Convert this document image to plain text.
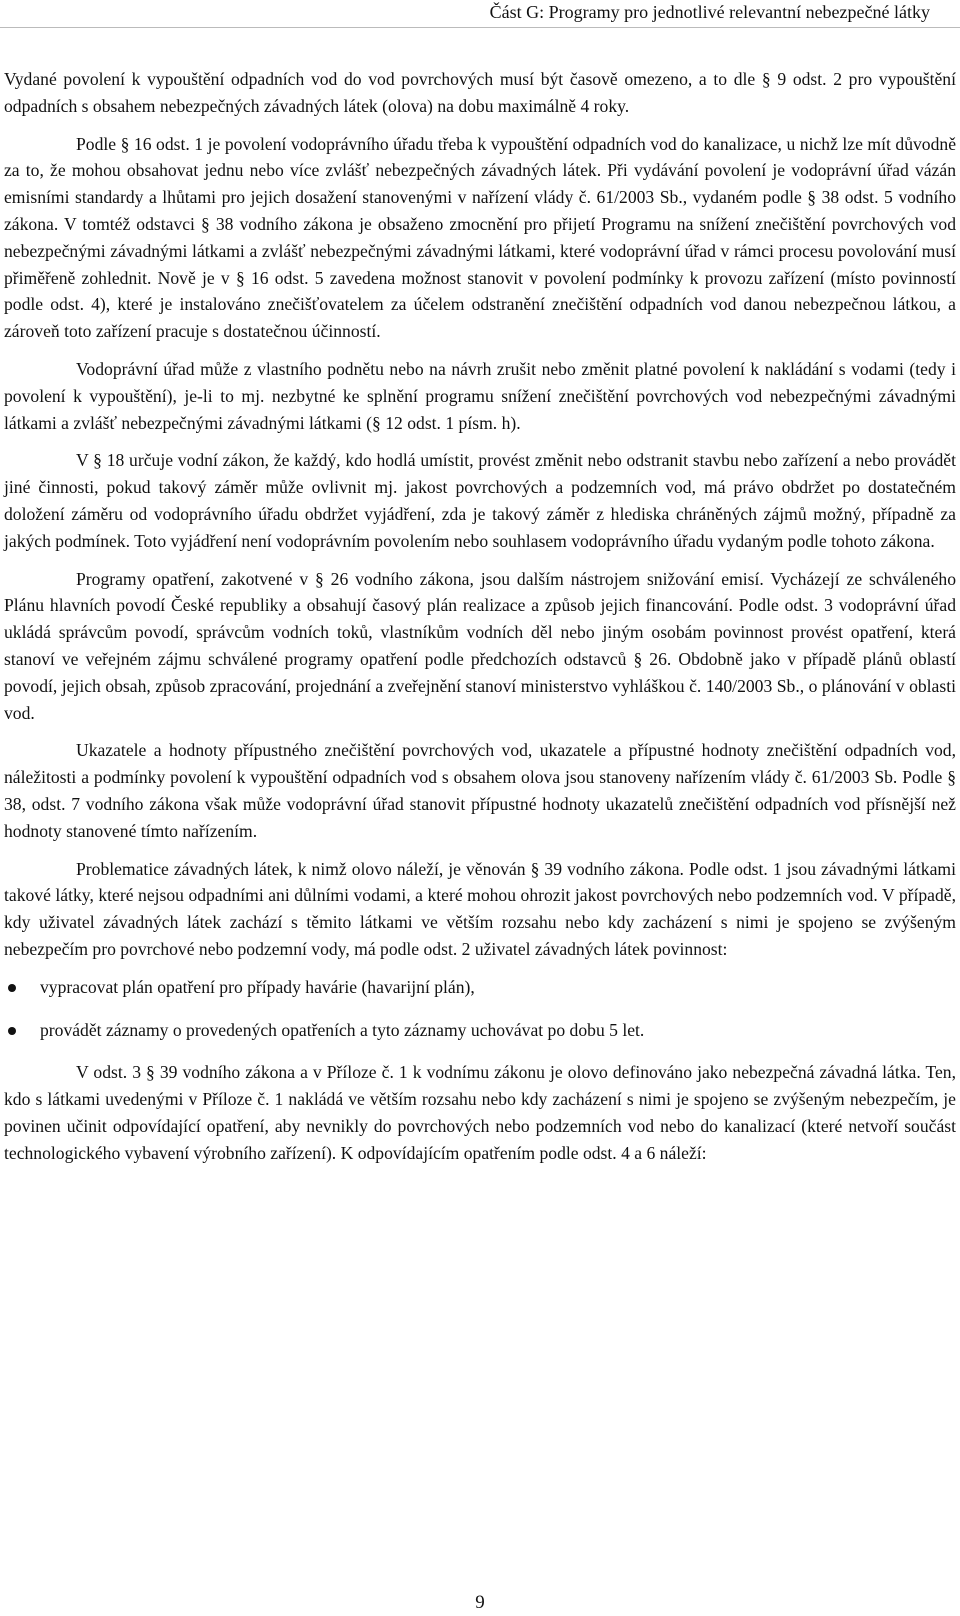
Část G: Programy pro jednotlivé relevantní nebezpečné látky

Vydané povolení k vypouštění odpadních vod do vod povrchových musí být časově omezeno, a to dle § 9 odst. 2 pro vypouštění odpadních s obsahem nebezpečných závadných látek (olova) na dobu maximálně 4 roky.

Podle § 16 odst. 1 je povolení vodoprávního úřadu třeba k vypouštění odpadních vod do kanalizace, u nichž lze mít důvodně za to, že mohou obsahovat jednu nebo více zvlášť nebezpečných závadných látek. Při vydávání povolení je vodoprávní úřad vázán emisními standardy a lhůtami pro jejich dosažení stanovenými v nařízení vlády č. 61/2003 Sb., vydaném podle § 38 odst. 5 vodního zákona. V tomtéž odstavci § 38 vodního zákona je obsaženo zmocnění pro přijetí Programu na snížení znečištění povrchových vod nebezpečnými závadnými látkami a zvlášť nebezpečnými závadnými látkami, které vodoprávní úřad v rámci procesu povolování musí přiměřeně zohlednit. Nově je v § 16 odst. 5 zavedena možnost stanovit v povolení podmínky k provozu zařízení (místo povinností podle odst. 4), které je instalováno znečišťovatelem za účelem odstranění znečištění odpadních vod danou nebezpečnou látkou, a zároveň toto zařízení pracuje s dostatečnou účinností.

Vodoprávní úřad může z vlastního podnětu nebo na návrh zrušit nebo změnit platné povolení k nakládání s vodami (tedy i povolení k vypouštění), je-li to mj. nezbytné ke splnění programu snížení znečištění povrchových vod nebezpečnými závadnými látkami a zvlášť nebezpečnými závadnými látkami (§ 12 odst. 1 písm. h).

V § 18 určuje vodní zákon, že každý, kdo hodlá umístit, provést změnit nebo odstranit stavbu nebo zařízení a nebo provádět jiné činnosti, pokud takový záměr může ovlivnit mj. jakost povrchových a podzemních vod, má právo obdržet po dostatečném doložení záměru od vodoprávního úřadu obdržet vyjádření, zda je takový záměr z hlediska chráněných zájmů možný, případně za jakých podmínek. Toto vyjádření není vodoprávním povolením nebo souhlasem vodoprávního úřadu vydaným podle tohoto zákona.

Programy opatření, zakotvené v § 26 vodního zákona, jsou dalším nástrojem snižování emisí. Vycházejí ze schváleného Plánu hlavních povodí České republiky a obsahují časový plán realizace a způsob jejich financování. Podle odst. 3 vodoprávní úřad ukládá správcům povodí, správcům vodních toků, vlastníkům vodních děl nebo jiným osobám povinnost provést opatření, která stanoví ve veřejném zájmu schválené programy opatření podle předchozích odstavců § 26. Obdobně jako v případě plánů oblastí povodí, jejich obsah, způsob zpracování, projednání a zveřejnění stanoví ministerstvo vyhláškou č. 140/2003 Sb., o plánování v oblasti vod.

Ukazatele a hodnoty přípustného znečištění povrchových vod, ukazatele a přípustné hodnoty znečištění odpadních vod, náležitosti a podmínky povolení k vypouštění odpadních vod s obsahem olova jsou stanoveny nařízením vlády č. 61/2003 Sb. Podle § 38, odst. 7 vodního zákona však může vodoprávní úřad stanovit přípustné hodnoty ukazatelů znečištění odpadních vod přísnější než hodnoty stanovené tímto nařízením.

Problematice závadných látek, k nimž olovo náleží, je věnován § 39 vodního zákona. Podle odst. 1 jsou závadnými látkami takové látky, které nejsou odpadními ani důlními vodami, a které mohou ohrozit jakost povrchových nebo podzemních vod. V případě, kdy uživatel závadných látek zachází s těmito látkami ve větším rozsahu nebo kdy zacházení s nimi je spojeno se zvýšeným nebezpečím pro povrchové nebo podzemní vody, má podle odst. 2 uživatel závadných látek povinnost:

vypracovat plán opatření pro případy havárie (havarijní plán),
provádět záznamy o provedených opatřeních a tyto záznamy uchovávat po dobu 5 let.

V odst. 3 § 39 vodního zákona a v Příloze č. 1 k vodnímu zákonu je olovo definováno jako nebezpečná závadná látka. Ten, kdo s látkami uvedenými v Příloze č. 1 nakládá ve větším rozsahu nebo kdy zacházení s nimi je spojeno se zvýšeným nebezpečím, je povinen učinit odpovídající opatření, aby nevnikly do povrchových nebo podzemních vod nebo do kanalizací (které netvoří součást technologického vybavení výrobního zařízení). K odpovídajícím opatřením podle odst. 4 a 6 náleží:

9
